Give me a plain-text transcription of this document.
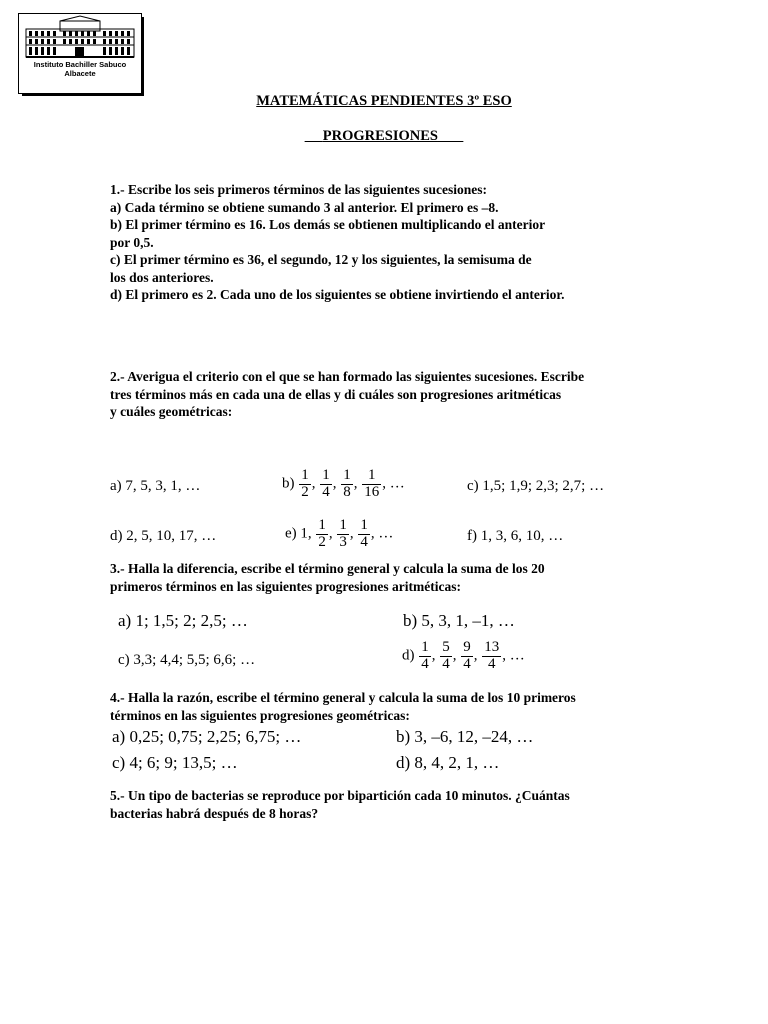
Instituto Bachiller Sabuco
Albacete
MATEMÁTICAS PENDIENTES 3º ESO
PROGRESIONES
1.- Escribe los seis primeros términos de las siguientes sucesiones:
a) Cada término se obtiene sumando 3 al anterior. El primero es –8.
b) El primer término es 16. Los demás se obtienen multiplicando el anterior
por 0,5.
c) El primer término es 36, el segundo, 12 y los siguientes, la semisuma de
los dos anteriores.
d) El primero es 2. Cada uno de los siguientes se obtiene invirtiendo el anterior.
2.- Averigua el criterio con el que se han formado las siguientes sucesiones. Escribe
tres términos más en cada una de ellas y di cuáles son progresiones aritméticas
y cuáles geométricas:
a) 7, 5, 3, 1, …	$b) \frac{1}{2}$ , $\frac{1}{4}$ , $\frac{1}{8}$ , $\frac{1}{16}$ , …	c) 1,5; 1,9; 2,3; 2,7; …
d) 2, 5, 10, 17, …	e) 1, $\frac{1}{2}$ , $\frac{1}{3}$ , $\frac{1}{4}$ , …	f) 1, 3, 6, 10, …
3.- Halla la diferencia, escribe el término general y calcula la suma de los 20
primeros términos en las siguientes progresiones aritméticas:
a) 1; 1,5; 2; 2,5; …	b) 5, 3, 1, –1, …
c) 3,3; 4,4; 5,5; 6,6; …	$d) \frac{1}{4}$ , $\frac{5}{4}$ , $\frac{9}{4}$ , $\frac{13}{4}$ , …
4.- Halla la razón, escribe el término general y calcula la suma de los 10 primeros
términos en las siguientes progresiones geométricas:
a) 0,25; 0,75; 2,25; 6,75; …	b) 3, –6, 12, –24, …
c) 4; 6; 9; 13,5; …	d) 8, 4, 2, 1, …
5.- Un tipo de bacterias se reproduce por bipartición cada 10 minutos. ¿Cuántas
bacterias habrá después de 8 horas?
